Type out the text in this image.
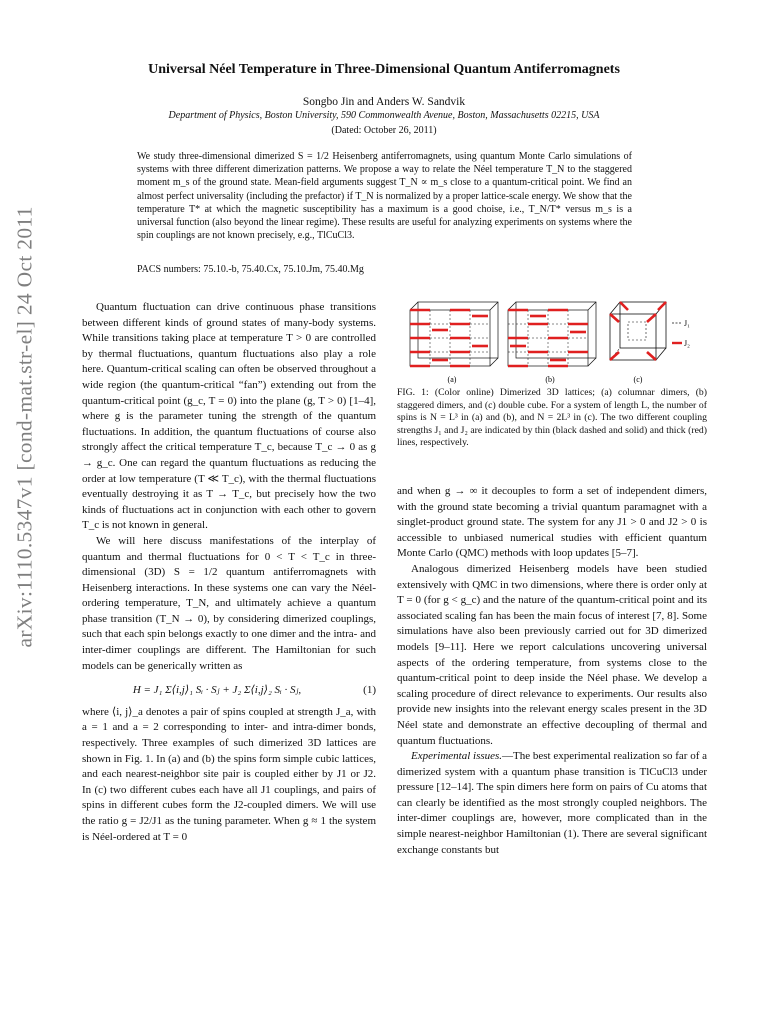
arXiv:1110.5347v1 [cond-mat.str-el] 24 Oct 2011
Universal Néel Temperature in Three-Dimensional Quantum Antiferromagnets
Songbo Jin and Anders W. Sandvik
Department of Physics, Boston University, 590 Commonwealth Avenue, Boston, Massachusetts 02215, USA
(Dated: October 26, 2011)
We study three-dimensional dimerized S = 1/2 Heisenberg antiferromagnets, using quantum Monte Carlo simulations of systems with three different dimerization patterns. We propose a way to relate the Néel temperature T_N to the staggered moment m_s of the ground state. Mean-field arguments suggest T_N ∝ m_s close to a quantum-critical point. We find an almost perfect universality (including the prefactor) if T_N is normalized by a proper lattice-scale energy. We show that the temperature T* at which the magnetic susceptibility has a maximum is a good choise, i.e., T_N/T* versus m_s is a universal function (also beyond the linear regime). These results are useful for analyzing experiments on systems where the spin couplings are not known precisely, e.g., TlCuCl3.
PACS numbers: 75.10.-b, 75.40.Cx, 75.10.Jm, 75.40.Mg

Quantum fluctuation can drive continuous phase transitions between different kinds of ground states of many-body systems. While transitions taking place at temperature T > 0 are controlled by thermal fluctuations, quantum fluctuations also play a role here. Quantum-critical scaling can often be observed throughout a wide region (the quantum-critical “fan”) extending out from the quantum-critical point (g_c, T = 0) into the plane (g, T > 0) [1–4], where g is the parameter tuning the strength of the quantum fluctuations. In addition, the quantum fluctuations of course also strongly affect the critical temperature T_c, because T_c → 0 as g → g_c. One can regard the quantum fluctuations as reducing the order at low temperature (T ≪ T_c), with the thermal fluctuations eventually destroying it as T → T_c, but precisely how the two kinds of fluctuations act in conjunction with each other to govern T_c is not known in general.

We will here discuss manifestations of the interplay of quantum and thermal fluctuations for 0 < T < T_c in three-dimensional (3D) S = 1/2 quantum antiferromagnets with Heisenberg interactions. In these systems one can vary the Néel-ordering temperature, T_N, and ultimately achieve a quantum phase transition (T_N → 0), by considering dimerized couplings, such that each spin belongs exactly to one dimer and the intra- and inter-dimer couplings are different. The Hamiltonian for such models can be generically written as

H = J₁ Σ⟨i,j⟩₁ Sᵢ · Sⱼ + J₂ Σ⟨i,j⟩₂ Sᵢ · Sⱼ,	(1)

where ⟨i, j⟩_a denotes a pair of spins coupled at strength J_a, with a = 1 and a = 2 corresponding to inter- and intra-dimer bonds, respectively. Three examples of such dimerized 3D lattices are shown in Fig. 1. In (a) and (b) the spins form simple cubic lattices, and each nearest-neighbor site pair is coupled either by J1 or J2. In (c) two different cubes each have all J1 couplings, and pairs of spins in different cubes form the J2-coupled dimers. We will use the ratio g = J2/J1 as the tuning parameter. When g ≈ 1 the system is Néel-ordered at T = 0

J₁
J₂
(a)	(b)	(c)
FIG. 1: (Color online) Dimerized 3D lattices; (a) columnar dimers, (b) staggered dimers, and (c) double cube. For a system of length L, the number of spins is N = L³ in (a) and (b), and N = 2L³ in (c). The two different coupling strengths J₁ and J₂ are indicated by thin (black dashed and solid) and thick (red) lines, respectively.

and when g → ∞ it decouples to form a set of independent dimers, with the ground state becoming a trivial quantum paramagnet with a singlet-product ground state. The system for any J1 > 0 and J2 > 0 is accessible to unbiased numerical studies with efficient quantum Monte Carlo (QMC) methods with loop updates [5–7].

Analogous dimerized Heisenberg models have been studied extensively with QMC in two dimensions, where there is order only at T = 0 (for g < g_c) and the nature of the quantum-critical point and its associated scaling fan has been the main focus of interest [7, 8]. Some simulations have also been previously carried out for 3D dimerized models [9–11]. Here we report calculations uncovering universal aspects of the ordering temperature, from systems close to the quantum-critical point to deep inside the Néel phase. We develop a scaling procedure of direct relevance to experiments. Our results also provide new insights into the relevant energy scales present in the 3D Néel state and demonstrate an effective decoupling of thermal and quantum fluctuations.

Experimental issues.—The best experimental realization so far of a dimerized system with a quantum phase transition is TlCuCl3 under pressure [12–14]. The spin dimers here form on pairs of Cu atoms that can clearly be identified as the most strongly coupled neighbors. The inter-dimer couplings are, however, more complicated than in the simple nearest-neighbor Hamiltonian (1). There are several significant exchange constants but
